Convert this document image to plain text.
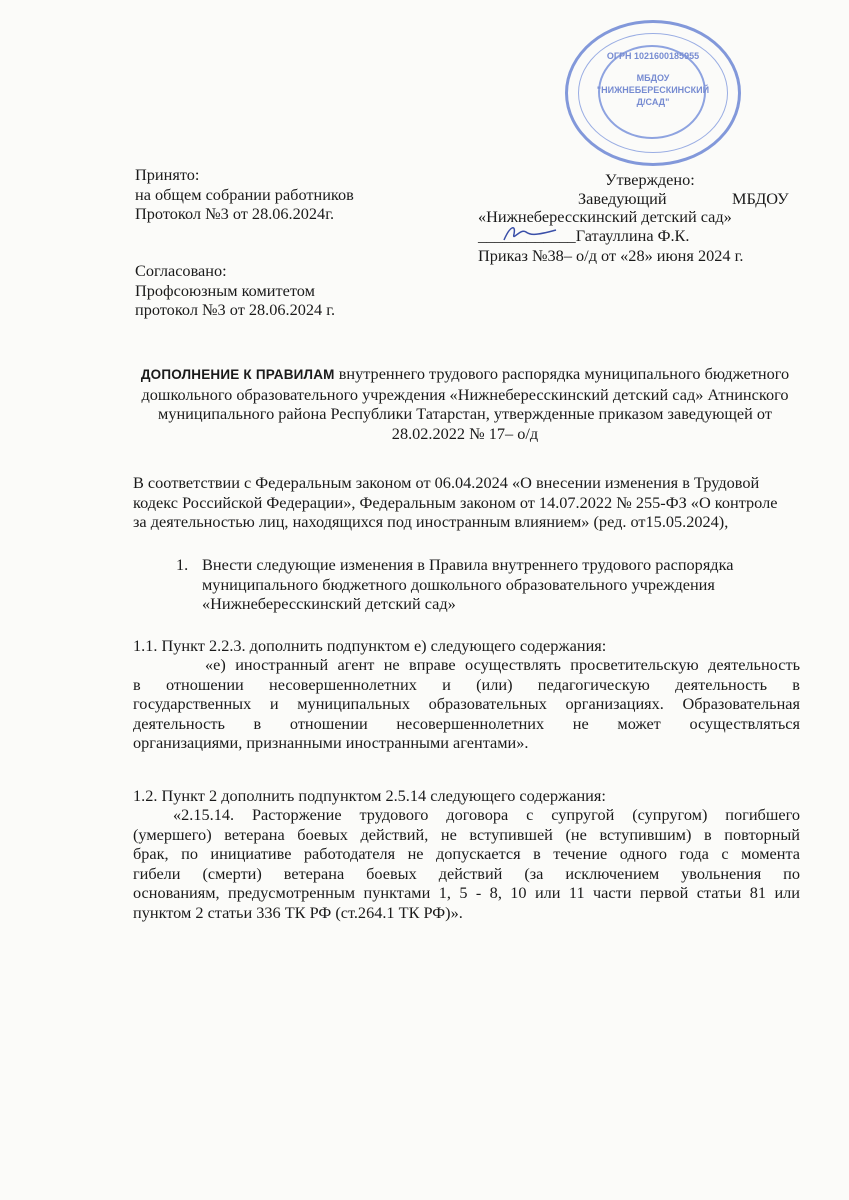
ОГРН 1021600185955
МБДОУ
"НИЖНЕБЕРЕСКИНСКИЙ
Д/САД"
Принято:
на общем собрании работников
Протокол №3 от 28.06.2024г.
Согласовано:
Профсоюзным комитетом
протокол №3 от 28.06.2024 г.
Утверждено:
Заведующий	МБДОУ
«Нижнебересскинский детский сад»
____________Гатауллина Ф.К.
Приказ №38– о/д от «28» июня 2024 г.
ДОПОЛНЕНИЕ К ПРАВИЛАМ внутреннего трудового распорядка муниципального бюджетного
дошкольного образовательного учреждения «Нижнебересскинский детский сад» Атнинского
муниципального района Республики Татарстан, утвержденные приказом заведующей от
28.02.2022 № 17– о/д
В соответствии с Федеральным законом от 06.04.2024 «О внесении изменения в Трудовой
кодекс Российской Федерации», Федеральным законом от 14.07.2022 № 255-ФЗ «О контроле
за деятельностью лиц, находящихся под иностранным влиянием» (ред. от15.05.2024),
1. Внести следующие изменения в Правила внутреннего трудового распорядка
муниципального бюджетного дошкольного образовательного учреждения
«Нижнебересскинский детский сад»
1.1. Пункт 2.2.3. дополнить подпунктом е) следующего содержания:
«е) иностранный агент не вправе осуществлять просветительскую деятельность
в отношении несовершеннолетних и (или) педагогическую деятельность в
государственных и муниципальных образовательных организациях. Образовательная
деятельность в отношении несовершеннолетних не может осуществляться
организациями, признанными иностранными агентами».
1.2. Пункт 2 дополнить подпунктом 2.5.14 следующего содержания:
«2.15.14. Расторжение трудового договора с супругой (супругом) погибшего
(умершего) ветерана боевых действий, не вступившей (не вступившим) в повторный
брак, по инициативе работодателя не допускается в течение одного года с момента
гибели (смерти) ветерана боевых действий (за исключением увольнения по
основаниям, предусмотренным пунктами 1, 5 - 8, 10 или 11 части первой статьи 81 или
пунктом 2 статьи 336 ТК РФ (ст.264.1 ТК РФ)».
